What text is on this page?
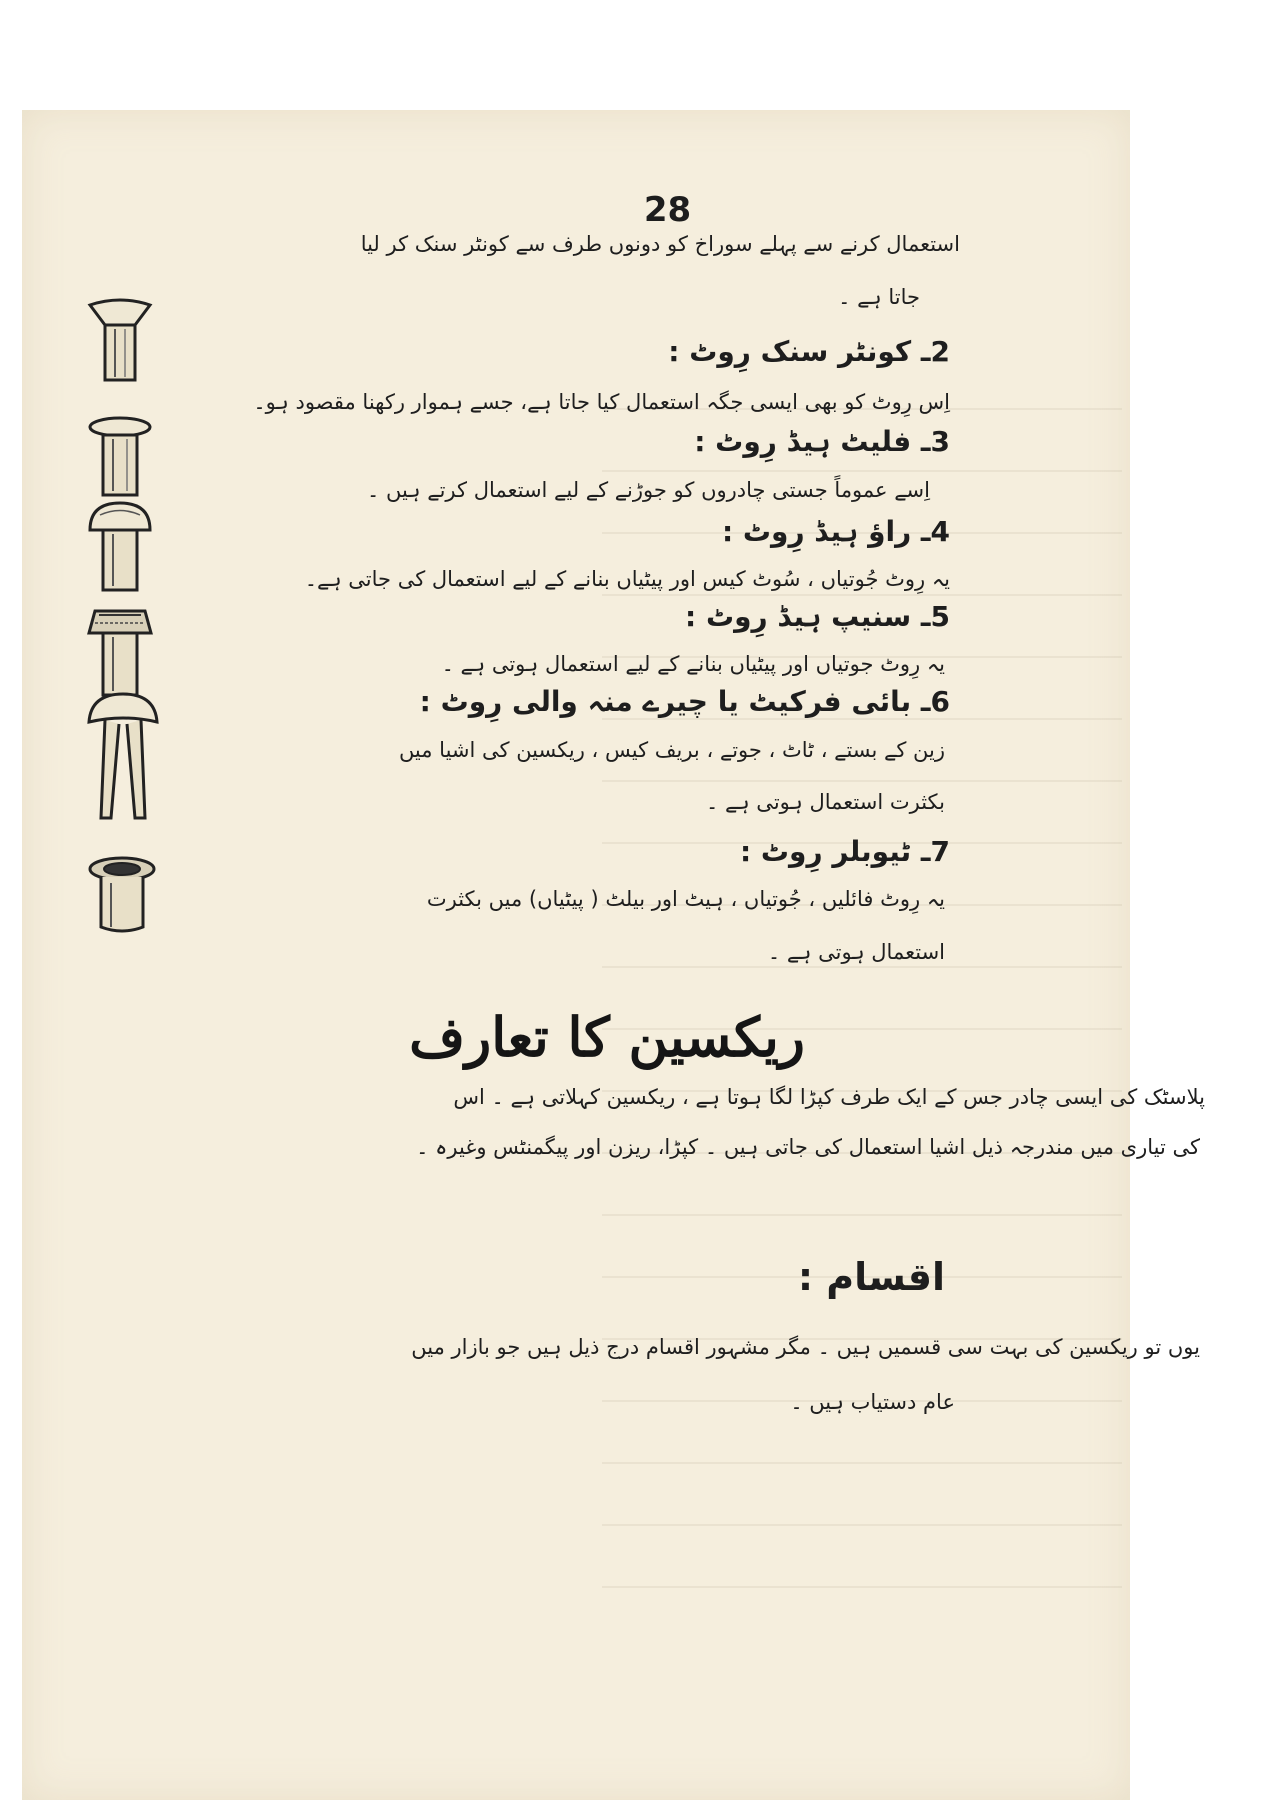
28
استعمال کرنے سے پہلے سوراخ کو دونوں طرف سے کونٹر سنک کر لیا
جاتا ہے ۔
2ـ کونٹر سنک رِوٹ :
اِس رِوٹ کو بھی ایسی جگہ استعمال کیا جاتا ہے، جسے ہموار رکھنا مقصود ہو۔
3ـ فلیٹ ہیڈ رِوٹ :
اِسے عموماً جستی چادروں کو جوڑنے کے لیے استعمال کرتے ہیں ۔
4ـ راؤ ہیڈ رِوٹ :
یہ رِوٹ جُوتیاں ، سُوٹ کیس اور پیٹیاں بنانے کے لیے استعمال کی جاتی ہے۔
5ـ سنیپ ہیڈ رِوٹ :
یہ رِوٹ جوتیاں اور پیٹیاں بنانے کے لیے استعمال ہوتی ہے ۔
6ـ بائی فرکیٹ یا چیرے منہ والی رِوٹ :
زین کے بستے ، ٹاٹ ، جوتے ، بریف کیس ، ریکسین کی اشیا میں
بکثرت استعمال ہوتی ہے ۔
7ـ ٹیوبلر رِوٹ :
یہ رِوٹ فائلیں ، جُوتیاں ، ہیٹ اور بیلٹ ( پیٹیاں) میں بکثرت
استعمال ہوتی ہے ۔
ریکسین کا تعارف
پلاسٹک کی ایسی چادر جس کے ایک طرف کپڑا لگا ہوتا ہے ، ریکسین کہلاتی ہے ۔ اس
کی تیاری میں مندرجہ ذیل اشیا استعمال کی جاتی ہیں ۔ کپڑا، ریزن اور پیگمنٹس وغیرہ ۔
اقسام :
یوں تو ریکسین کی بہت سی قسمیں ہیں ۔ مگر مشہور اقسام درج ذیل ہیں جو بازار میں
عام دستیاب ہیں ۔
